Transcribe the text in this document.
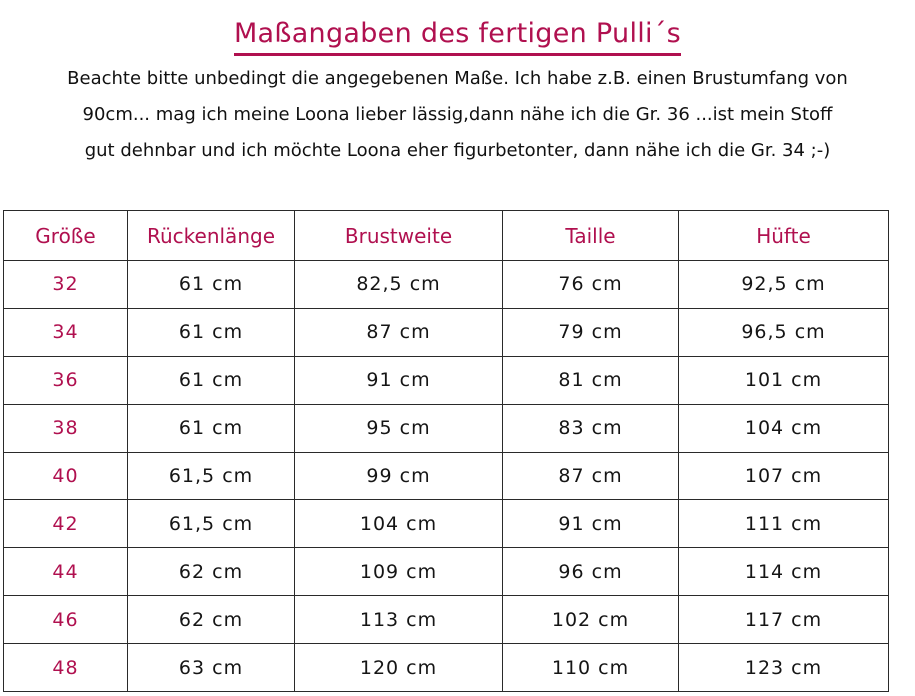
Maßangaben des fertigen Pulli´s
Beachte bitte unbedingt die angegebenen Maße. Ich habe z.B. einen Brustumfang von
90cm... mag ich meine Loona lieber lässig,dann nähe ich die Gr. 36 ...ist mein Stoff
gut dehnbar und ich möchte Loona eher figurbetonter, dann nähe ich die Gr. 34 ;-)
Größe	Rückenlänge	Brustweite	Taille	Hüfte
32	61 cm	82,5 cm	76 cm	92,5 cm
34	61 cm	87 cm	79 cm	96,5 cm
36	61 cm	91 cm	81 cm	101 cm
38	61 cm	95 cm	83 cm	104 cm
40	61,5 cm	99 cm	87 cm	107 cm
42	61,5 cm	104 cm	91 cm	111 cm
44	62 cm	109 cm	96 cm	114 cm
46	62 cm	113 cm	102 cm	117 cm
48	63 cm	120 cm	110 cm	123 cm
